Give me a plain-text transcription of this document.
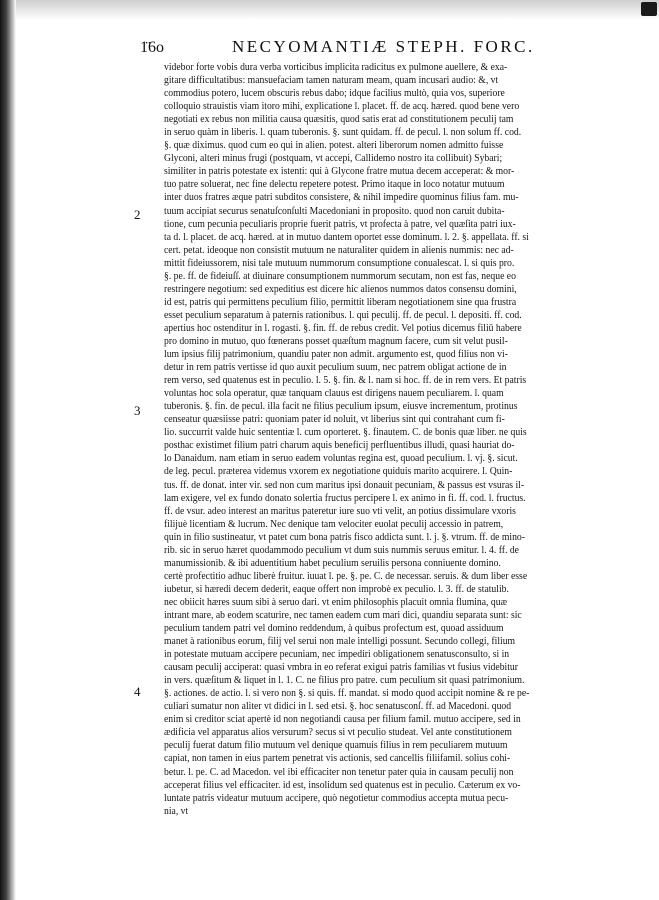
1̈6o	NECYOMANTIÆ STEPH. FORC.
2
3
4
videbor forte vobis dura verba vorticibus implicita radicitus ex pulmone auellere, & exa-
gitare difficultatibus: mansuefaciam tamen naturam meam, quam incusari audio: &, vt
commodius potero, lucem obscuris rebus dabo; idque facilius multò, quia vos, superiore
colloquio strauistis viam itoro mihi, explicatione l. placet. ff. de acq. hæred. quod bene vero
negotiati ex rebus non militia causa quæsitis, quod satis erat ad constitutionem peculij tam
in seruo quàm in liberis. l. quam tuberonis. §. sunt quidam. ff. de pecul. l. non solum ff. cod.
§. quæ diximus. quod cum eo qui in alien. potest. alteri liberorum nomen admitto fuisse
Glyconi, alteri minus frugi (postquam, vt accepi, Callidemo nostro ita collibuit) Sybari;
similiter in patris potestate ex istenti: qui à Glycone fratre mutua decem acceperat: & mor-
tuo patre soluerat, nec fine delectu repetere potest. Primo itaque in loco notatur mutuum
inter duos fratres æque patri subditos consistere, & nihil impedire quominus filius fam. mu-
tuum accipiat securus senatuſconſulti Macedoniani in proposito. quod non caruit dubita-
tione, cum pecunia peculiaris proprie fuerit patris, vt profecta à patre, vel quæſita patri iux-
ta d. l. placet. de acq. hæred. at in mutuo dantem oportet esse dominum. l. 2. §. appellata. ff. si
cert. petat. ideoque non consistit mutuum ne naturaliter quidem in alienis nummis: nec ad-
mittit fideiussorem, nisi tale mutuum nummorum consumptione conualescat. l. si quis pro.
§. pe. ff. de fideiuſſ. at diuinare consumptionem nummorum secutam, non est fas, neque eo
restringere negotium: sed expeditius est dicere hic alienos nummos datos consensu domini,
id est, patris qui permittens peculium filio, permittit liberam negotiationem sine qua frustra
esset peculium separatum à paternis rationibus. l. qui peculij. ff. de pecul. l. depositi. ff. cod.
apertius hoc ostenditur in l. rogasti. §. fin. ff. de rebus credit. Vel potius dicemus filiū habere
pro domino in mutuo, quo fœnerans posset quæſtum magnum facere, cum sit velut pusil-
lum ipsius filij patrimonium, quandiu pater non admit. argumento est, quod filius non vi-
detur in rem patris vertisse id quo auxit peculium suum, nec patrem obligat actione de in
rem verso, sed quatenus est in peculio. l. 5. §. fin. & l. nam si hoc. ff. de in rem vers. Et patris
voluntas hoc sola operatur, quæ tanquam clauus est dirigens nauem peculiarem. l. quam
tuberonis. §. fin. de pecul. illa facit ne filius peculium ipsum, eiusve incrementum, protinus
censeatur quæsiisse patri: quoniam pater id noluit, vt liberius sint qui contrahant cum fi-
lio. succurrit valde huic sententiæ l. cum oporteret. §. finautem. C. de bonis quæ liber. ne quis
posthac existimet filium patri charum aquis beneficij perfluentibus illudi, quasi hauriat do-
lo Danaidum. nam etiam in seruo eadem voluntas regina est, quoad peculium. l. vj. §. sicut.
de leg. pecul. præterea videmus vxorem ex negotiatione quiduis marito acquirere. l. Quin-
tus. ff. de donat. inter vir. sed non cum maritus ipsi donauit pecuniam, & passus est vsuras il-
lam exigere, vel ex fundo donato solertia fructus percipere l. ex animo in fi. ff. cod. l. fructus.
ff. de vsur. adeo interest an maritus pateretur iure suo vti velit, an potius dissimulare vxoris
filijuè licentiam & lucrum. Nec denique tam velociter euolat peculij accessio in patrem,
quin in filio sustineatur, vt patet cum bona patris fisco addicta sunt. l. j. §. vtrum. ff. de mino-
rib. sic in seruo hæret quodammodo peculium vt dum suis nummis seruus emitur. l. 4. ff. de
manumissionib. & ibi aduentitium habet peculium seruilis persona conniuente domino.
certè profectitio adhuc liberè fruitur. iuuat l. pe. §. pe. C. de necessar. seruis. & dum liber esse
iubetur, si hæredi decem dederit, eaque offert non improbè ex peculio. l. 3. ff. de statulib.
nec obiicit hæres suum sibi à seruo dari. vt enim philosophis placuit omnia flumina, quæ
intrant mare, ab eodem scaturire, nec tamen eadem cum mari dici, quandiu separata sunt: sic
peculium tandem patri vel domino reddendum, à quibus profectum est, quoad assiduum
manet à rationibus eorum, filij vel serui non male intelligi possunt. Secundo collegi, filium
in potestate mutuam accipere pecuniam, nec impediri obligationem senatusconsulto, si in
causam peculij acciperat: quasi vmbra in eo referat exigui patris familias vt fusius videbitur
in vers. quæſitum & liquet in l. 1. C. ne filius pro patre. cum peculium sit quasi patrimonium.
§. actiones. de actio. l. si vero non §. si quis. ff. mandat. si modo quod accipit nomine & re pe-
culiari sumatur non aliter vt didici in l. sed etsi. §. hoc senatusconſ. ff. ad Macedoni. quod
enim si creditor sciat apertè id non negotiandi causa per filium famil. mutuo accipere, sed in
ædificia vel apparatus alios versurum? secus si vt peculio studeat. Vel ante constitutionem
peculij fuerat datum filio mutuum vel denique quamuis filius in rem peculiarem mutuum
capiat, non tamen in eius partem penetrat vis actionis, sed cancellis filiifamil. solius cohi-
betur. l. pe. C. ad Macedon. vel ibi efficaciter non tenetur pater quia in causam peculij non
acceperat filius vel efficaciter. id est, insolidum sed quatenus est in peculio. Cæterum ex vo-
luntate patris videatur mutuum accipere, quò negotietur commodius accepta mutua pecu-
nia, vt
